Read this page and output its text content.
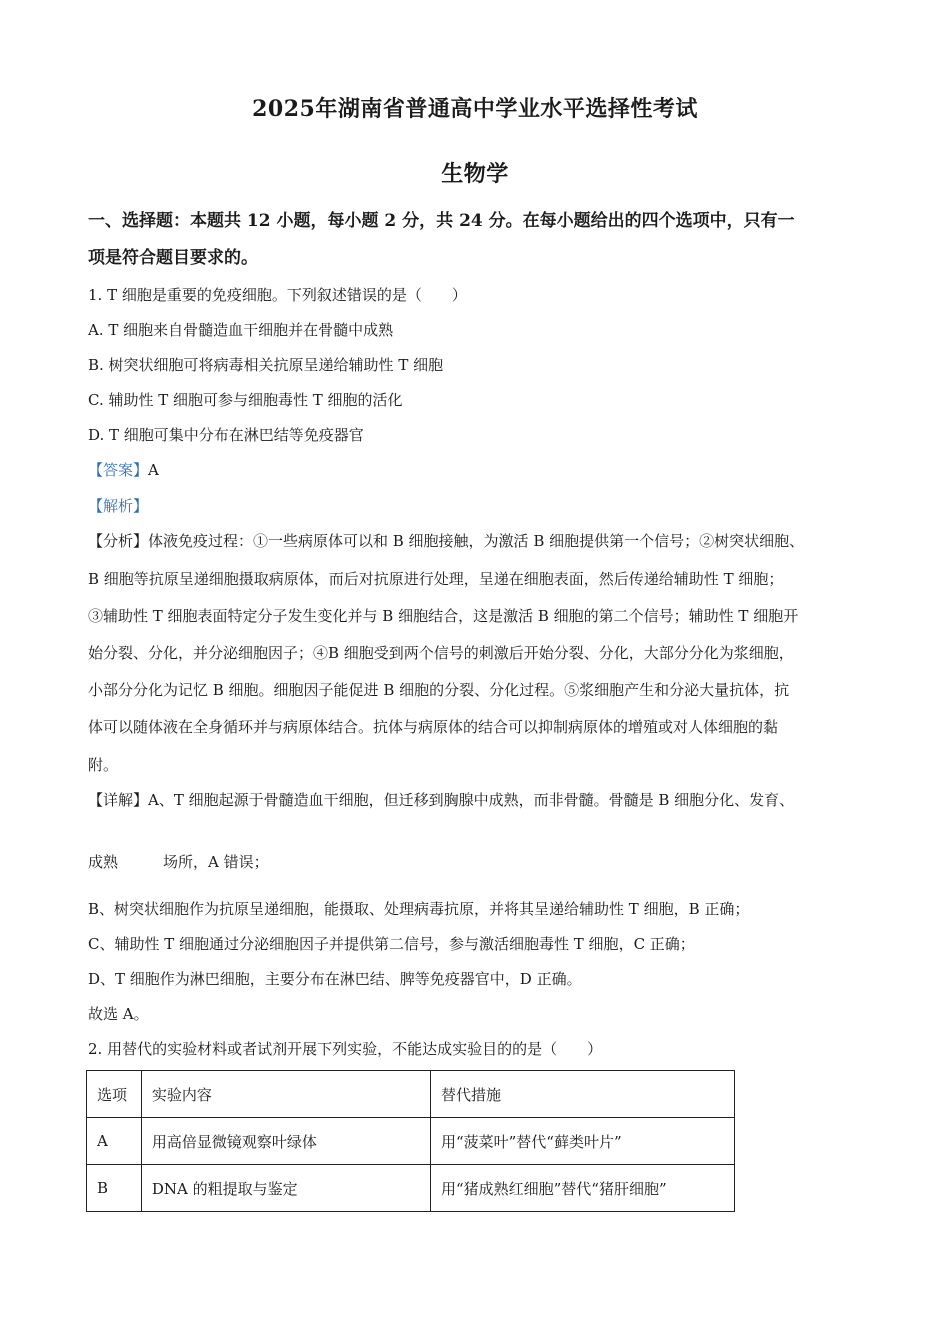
2025年湖南省普通高中学业水平选择性考试
生物学
一、选择题：本题共 12 小题，每小题 2 分，共 24 分。在每小题给出的四个选项中，只有一
项是符合题目要求的。
1. T 细胞是重要的免疫细胞。下列叙述错误的是（　　）
A. T 细胞来自骨髓造血干细胞并在骨髓中成熟
B. 树突状细胞可将病毒相关抗原呈递给辅助性 T 细胞
C. 辅助性 T 细胞可参与细胞毒性 T 细胞的活化
D. T 细胞可集中分布在淋巴结等免疫器官
【答案】A
【解析】
【分析】体液免疫过程：①一些病原体可以和 B 细胞接触，为激活 B 细胞提供第一个信号；②树突状细胞、
B 细胞等抗原呈递细胞摄取病原体，而后对抗原进行处理，呈递在细胞表面，然后传递给辅助性 T 细胞；
③辅助性 T 细胞表面特定分子发生变化并与 B 细胞结合，这是激活 B 细胞的第二个信号；辅助性 T 细胞开
始分裂、分化，并分泌细胞因子；④B 细胞受到两个信号的刺激后开始分裂、分化，大部分分化为浆细胞，
小部分分化为记忆 B 细胞。细胞因子能促进 B 细胞的分裂、分化过程。⑤浆细胞产生和分泌大量抗体，抗
体可以随体液在全身循环并与病原体结合。抗体与病原体的结合可以抑制病原体的增殖或对人体细胞的黏
附。
【详解】A、T 细胞起源于骨髓造血干细胞，但迁移到胸腺中成熟，而非骨髓。骨髓是 B 细胞分化、发育、
成熟　　　场所，A 错误；
B、树突状细胞作为抗原呈递细胞，能摄取、处理病毒抗原，并将其呈递给辅助性 T 细胞，B 正确；
C、辅助性 T 细胞通过分泌细胞因子并提供第二信号，参与激活细胞毒性 T 细胞，C 正确；
D、T 细胞作为淋巴细胞，主要分布在淋巴结、脾等免疫器官中，D 正确。
故选 A。
2. 用替代的实验材料或者试剂开展下列实验，不能达成实验目的的是（　　）
选项	实验内容	替代措施
A	用高倍显微镜观察叶绿体	用“菠菜叶”替代“藓类叶片”
B	DNA 的粗提取与鉴定	用“猪成熟红细胞”替代“猪肝细胞”
